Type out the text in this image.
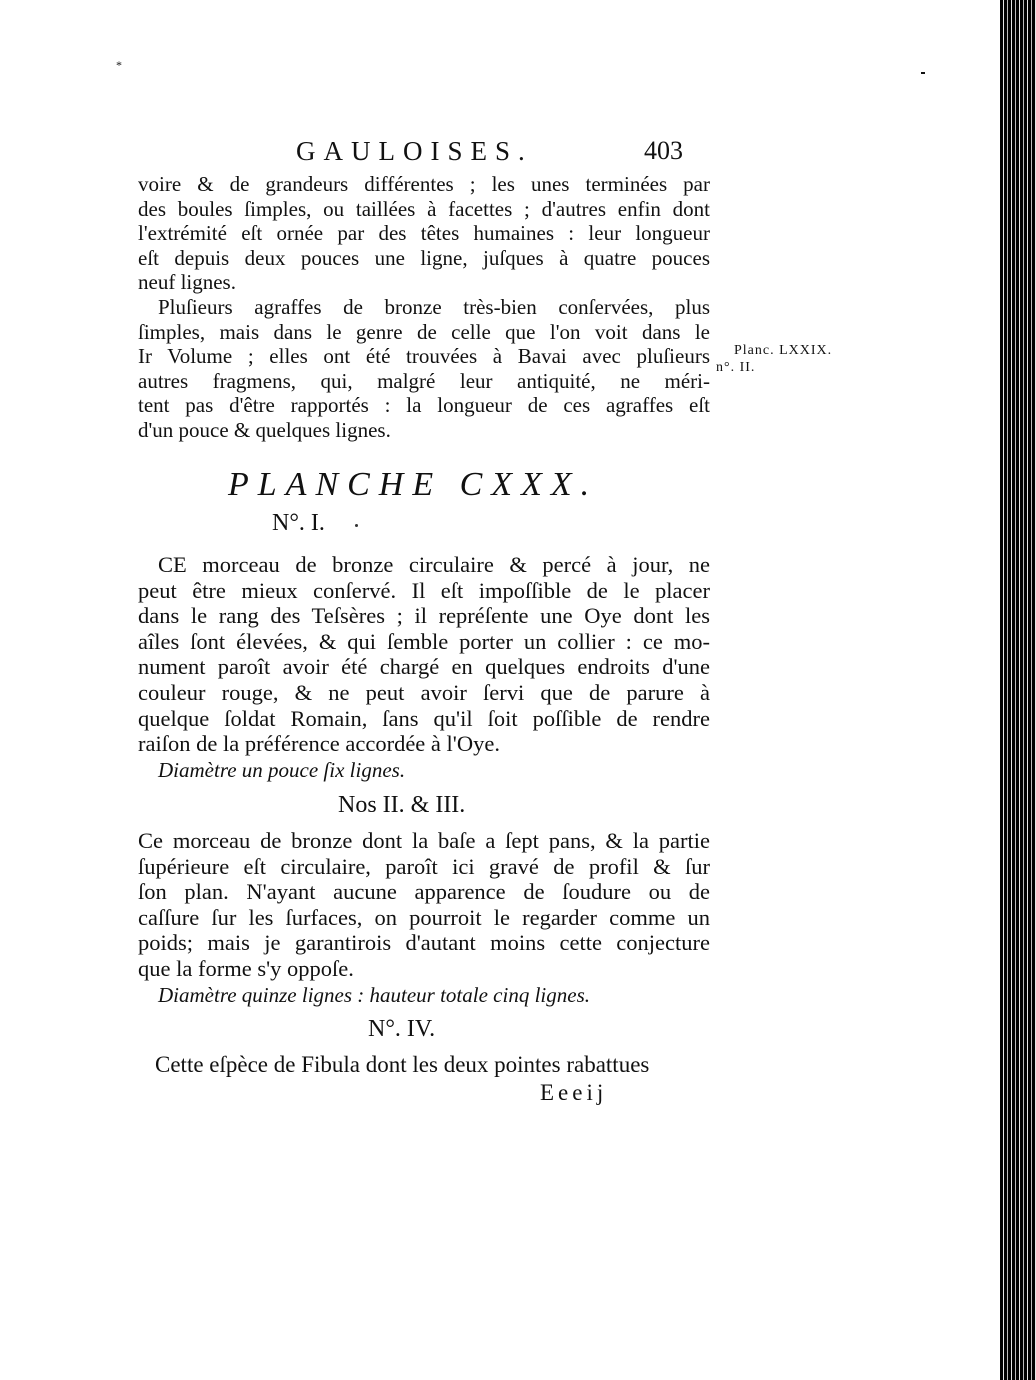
*
GAULOISES.	403
voire & de grandeurs différentes ; les unes terminées par
des boules ſimples, ou taillées à facettes ; d'autres enfin dont
l'extrémité eſt ornée par des têtes humaines : leur longueur
eſt depuis deux pouces une ligne, juſques à quatre pouces
neuf lignes.
Pluſieurs agraffes de bronze très-bien conſervées, plus
ſimples, mais dans le genre de celle que l'on voit dans le
Ir Volume ; elles ont été trouvées à Bavai avec pluſieurs
autres fragmens, qui, malgré leur antiquité, ne méri-
tent pas d'être rapportés : la longueur de ces agraffes eſt
d'un pouce & quelques lignes.
Planc. LXXIX.
n°. II.
PLANCHE CXXX.
N°. I.
CE morceau de bronze circulaire & percé à jour, ne
peut être mieux conſervé. Il eſt impoſſible de le placer
dans le rang des Teſsères ; il repréſente une Oye dont les
aîles ſont élevées, & qui ſemble porter un collier : ce mo-
nument paroît avoir été chargé en quelques endroits d'une
couleur rouge, & ne peut avoir ſervi que de parure à
quelque ſoldat Romain, ſans qu'il ſoit poſſible de rendre
raiſon de la préférence accordée à l'Oye.
Diamètre un pouce ſix lignes.
Nos II. & III.
Ce morceau de bronze dont la baſe a ſept pans, & la partie
ſupérieure eſt circulaire, paroît ici gravé de profil & ſur
ſon plan. N'ayant aucune apparence de ſoudure ou de
caſſure ſur les ſurfaces, on pourroit le regarder comme un
poids; mais je garantirois d'autant moins cette conjecture
que la forme s'y oppoſe.
Diamètre quinze lignes : hauteur totale cinq lignes.
N°. IV.
Cette eſpèce de Fibula dont les deux pointes rabattues
Eeeij
